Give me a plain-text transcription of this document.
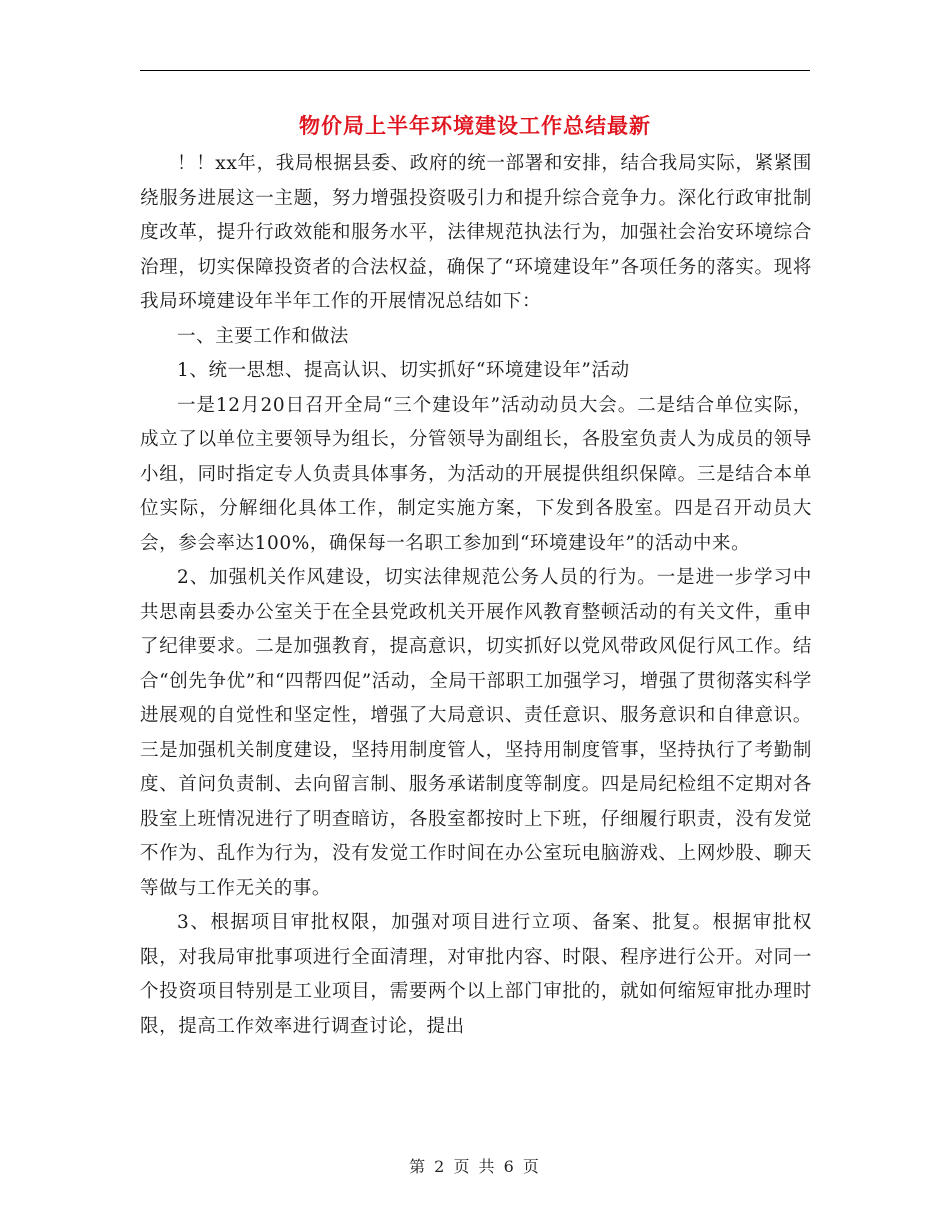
物价局上半年环境建设工作总结最新

！！xx年，我局根据县委、政府的统一部署和安排，结合我局实际，紧紧围绕服务进展这一主题，努力增强投资吸引力和提升综合竞争力。深化行政审批制度改革，提升行政效能和服务水平，法律规范执法行为，加强社会治安环境综合治理，切实保障投资者的合法权益，确保了“环境建设年”各项任务的落实。现将我局环境建设年半年工作的开展情况总结如下：

一、主要工作和做法

1、统一思想、提高认识、切实抓好“环境建设年”活动

一是12月20日召开全局“三个建设年”活动动员大会。二是结合单位实际，成立了以单位主要领导为组长，分管领导为副组长，各股室负责人为成员的领导小组，同时指定专人负责具体事务，为活动的开展提供组织保障。三是结合本单位实际，分解细化具体工作，制定实施方案，下发到各股室。四是召开动员大会，参会率达100%，确保每一名职工参加到“环境建设年”的活动中来。

2、加强机关作风建设，切实法律规范公务人员的行为。一是进一步学习中共思南县委办公室关于在全县党政机关开展作风教育整顿活动的有关文件，重申了纪律要求。二是加强教育，提高意识，切实抓好以党风带政风促行风工作。结合“创先争优”和“四帮四促”活动，全局干部职工加强学习，增强了贯彻落实科学进展观的自觉性和坚定性，增强了大局意识、责任意识、服务意识和自律意识。三是加强机关制度建设，坚持用制度管人，坚持用制度管事，坚持执行了考勤制度、首问负责制、去向留言制、服务承诺制度等制度。四是局纪检组不定期对各股室上班情况进行了明查暗访，各股室都按时上下班，仔细履行职责，没有发觉不作为、乱作为行为，没有发觉工作时间在办公室玩电脑游戏、上网炒股、聊天等做与工作无关的事。

3、根据项目审批权限，加强对项目进行立项、备案、批复。根据审批权限，对我局审批事项进行全面清理，对审批内容、时限、程序进行公开。对同一个投资项目特别是工业项目，需要两个以上部门审批的，就如何缩短审批办理时限，提高工作效率进行调查讨论，提出

第 2 页 共 6 页
